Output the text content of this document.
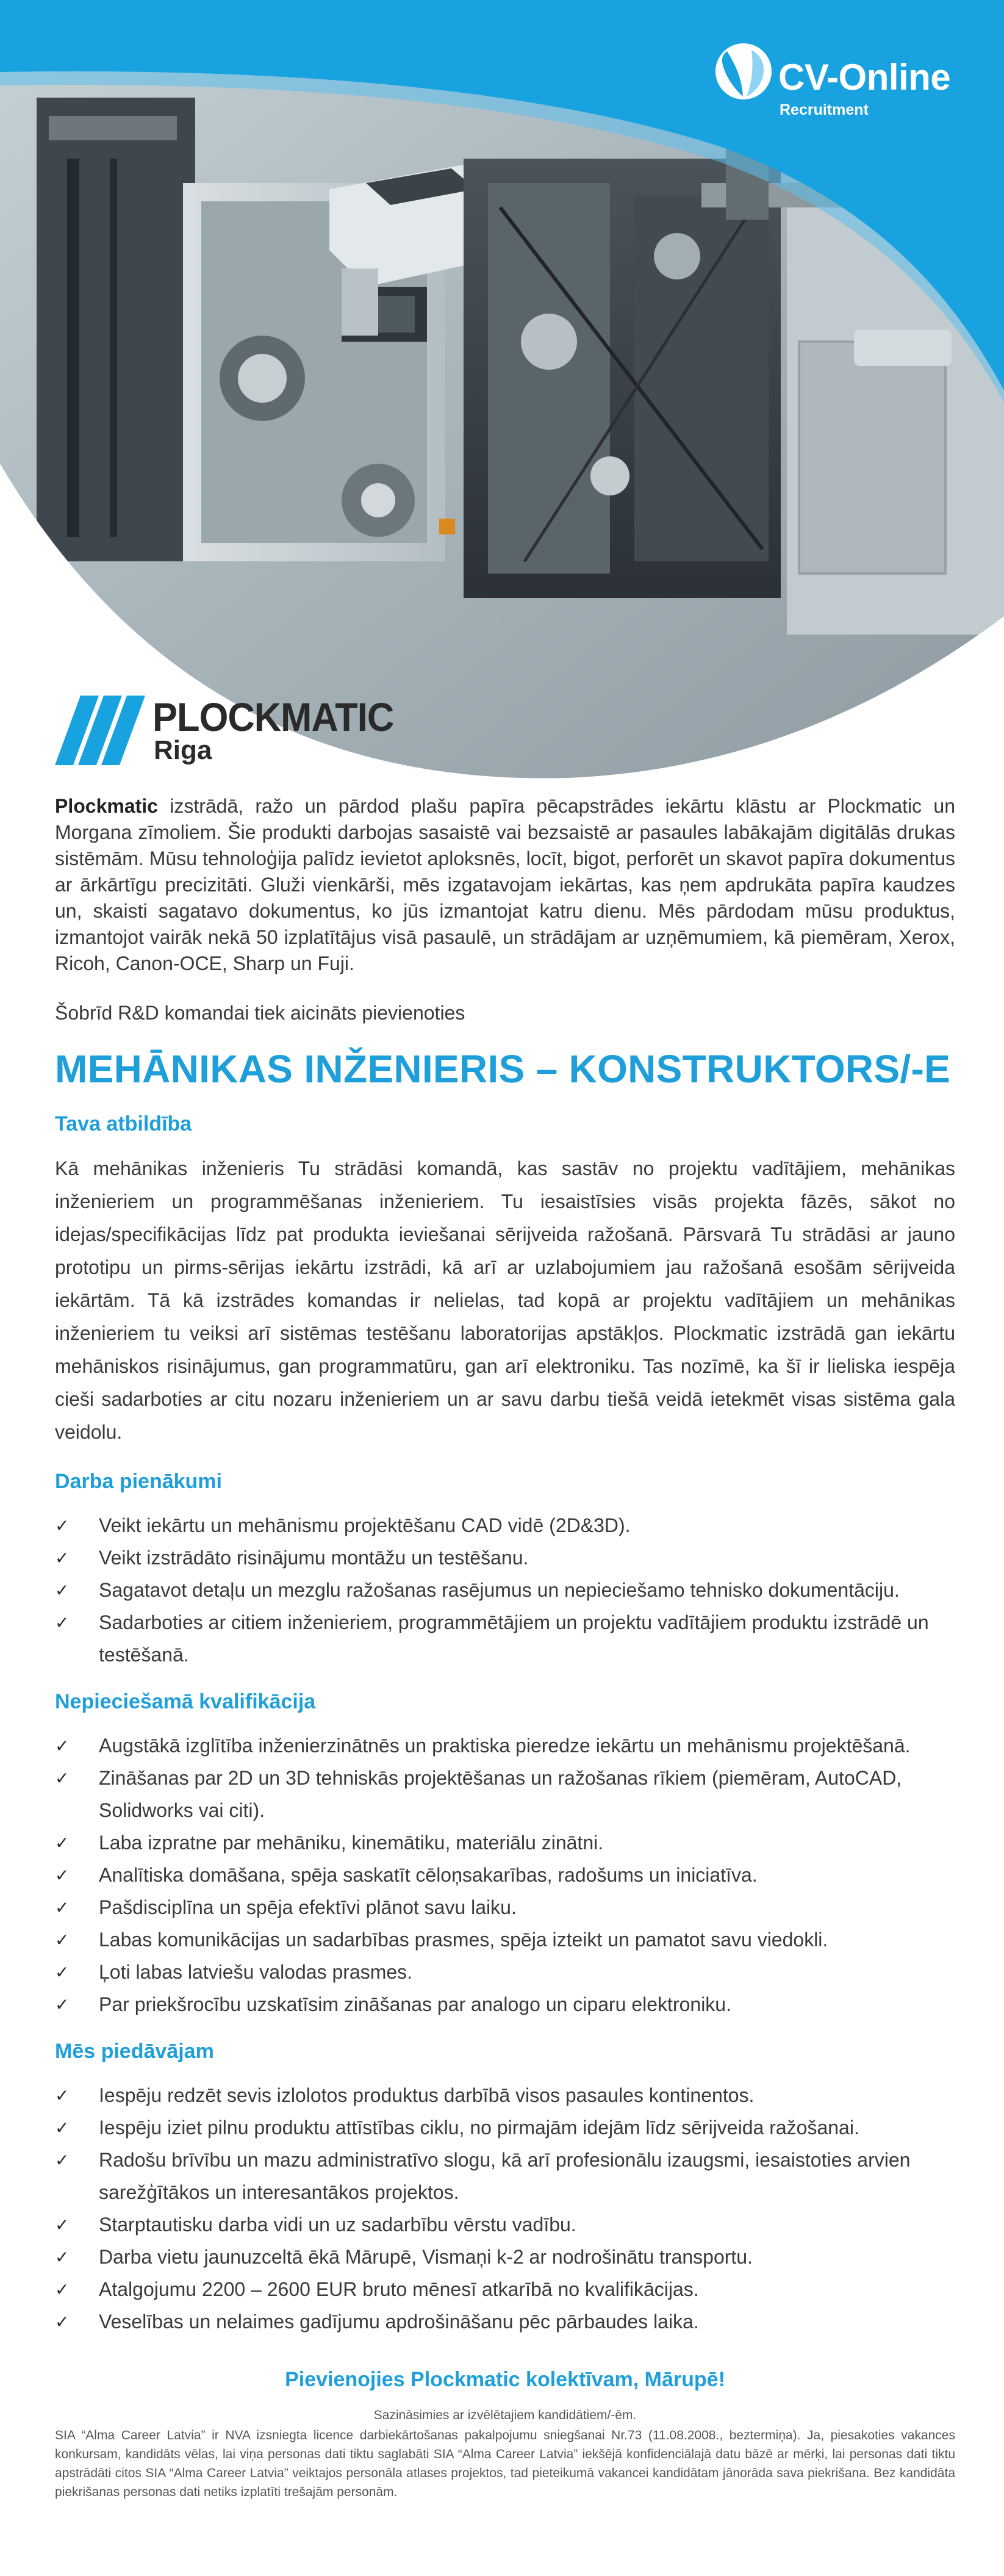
CV-Online
Recruitment
PLOCKMATIC
Riga

Plockmatic izstrādā, ražo un pārdod plašu papīra pēcapstrādes iekārtu klāstu ar Plockmatic un Morgana zīmoliem. Šie produkti darbojas sasaistē vai bezsaistē ar pasaules labākajām digitālās drukas sistēmām. Mūsu tehnoloģija palīdz ievietot aploksnēs, locīt, bigot, perforēt un skavot papīra dokumentus ar ārkārtīgu precizitāti. Gluži vienkārši, mēs izgatavojam iekārtas, kas ņem apdrukāta papīra kaudzes un, skaisti sagatavo dokumentus, ko jūs izmantojat katru dienu. Mēs pārdodam mūsu produktus, izmantojot vairāk nekā 50 izplatītājus visā pasaulē, un strādājam ar uzņēmumiem, kā piemēram, Xerox, Ricoh, Canon-OCE, Sharp un Fuji.

Šobrīd R&D komandai tiek aicināts pievienoties

MEHĀNIKAS INŽENIERIS – KONSTRUKTORS/-E
Tava atbildība

Kā mehānikas inženieris Tu strādāsi komandā, kas sastāv no projektu vadītājiem, mehānikas inženieriem un programmēšanas inženieriem. Tu iesaistīsies visās projekta fāzēs, sākot no idejas/specifikācijas līdz pat produkta ieviešanai sērijveida ražošanā. Pārsvarā Tu strādāsi ar jauno prototipu un pirms-sērijas iekārtu izstrādi, kā arī ar uzlabojumiem jau ražošanā esošām sērijveida iekārtām. Tā kā izstrādes komandas ir nelielas, tad kopā ar projektu vadītājiem un mehānikas inženieriem tu veiksi arī sistēmas testēšanu laboratorijas apstākļos. Plockmatic izstrādā gan iekārtu mehāniskos risinājumus, gan programmatūru, gan arī elektroniku. Tas nozīmē, ka šī ir lieliska iespēja cieši sadarboties ar citu nozaru inženieriem un ar savu darbu tiešā veidā ietekmēt visas sistēma gala veidolu.

Darba pienākumi
✓	Veikt iekārtu un mehānismu projektēšanu CAD vidē (2D&3D).
✓	Veikt izstrādāto risinājumu montāžu un testēšanu.
✓	Sagatavot detaļu un mezglu ražošanas rasējumus un nepieciešamo tehnisko dokumentāciju.
✓	Sadarboties ar citiem inženieriem, programmētājiem un projektu vadītājiem produktu izstrādē un testēšanā.
Nepieciešamā kvalifikācija
✓	Augstākā izglītība inženierzinātnēs un praktiska pieredze iekārtu un mehānismu projektēšanā.
✓	Zināšanas par 2D un 3D tehniskās projektēšanas un ražošanas rīkiem (piemēram, AutoCAD, Solidworks vai citi).
✓	Laba izpratne par mehāniku, kinemātiku, materiālu zinātni.
✓	Analītiska domāšana, spēja saskatīt cēloņsakarības, radošums un iniciatīva.
✓	Pašdisciplīna un spēja efektīvi plānot savu laiku.
✓	Labas komunikācijas un sadarbības prasmes, spēja izteikt un pamatot savu viedokli.
✓	Ļoti labas latviešu valodas prasmes.
✓	Par priekšrocību uzskatīsim zināšanas par analogo un ciparu elektroniku.
Mēs piedāvājam
✓	Iespēju redzēt sevis izlolotos produktus darbībā visos pasaules kontinentos.
✓	Iespēju iziet pilnu produktu attīstības ciklu, no pirmajām idejām līdz sērijveida ražošanai.
✓	Radošu brīvību un mazu administratīvo slogu, kā arī profesionālu izaugsmi, iesaistoties arvien sarežģītākos un interesantākos projektos.
✓	Starptautisku darba vidi un uz sadarbību vērstu vadību.
✓	Darba vietu jaunuzceltā ēkā Mārupē, Vismaņi k-2 ar nodrošinātu transportu.
✓	Atalgojumu 2200 – 2600 EUR bruto mēnesī atkarībā no kvalifikācijas.
✓	Veselības un nelaimes gadījumu apdrošināšanu pēc pārbaudes laika.

Pievienojies Plockmatic kolektīvam, Mārupē!

Sazināsimies ar izvēlētajiem kandidātiem/-ēm.

SIA “Alma Career Latvia” ir NVA izsniegta licence darbiekārtošanas pakalpojumu sniegšanai Nr.73 (11.08.2008., beztermiņa). Ja, piesakoties vakances konkursam, kandidāts vēlas, lai viņa personas dati tiktu saglabāti SIA “Alma Career Latvia” iekšējā konfidenciālajā datu bāzē ar mērķi, lai personas dati tiktu apstrādāti citos SIA “Alma Career Latvia” veiktajos personāla atlases projektos, tad pieteikumā vakancei kandidātam jānorāda sava piekrišana. Bez kandidāta piekrišanas personas dati netiks izplatīti trešajām personām.
